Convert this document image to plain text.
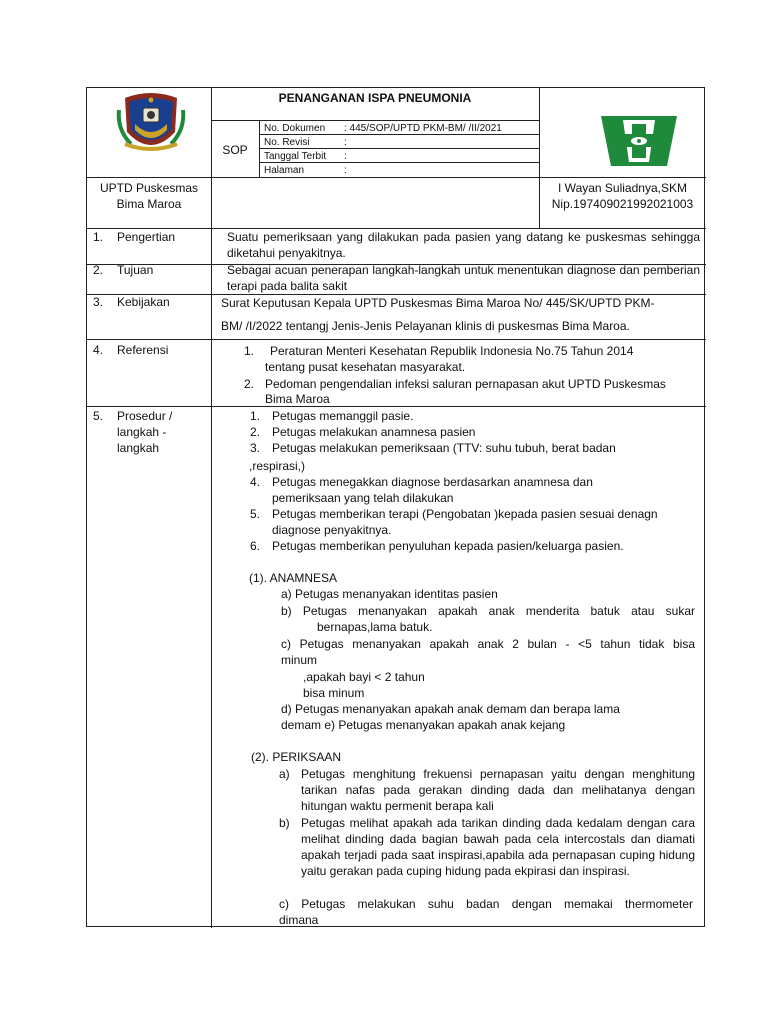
PENANGANAN ISPA PNEUMONIA
SOP
No. Dokumen : 445/SOP/UPTD PKM-BM/ /II/2021
No. Revisi	:
Tanggal Terbit :
Halaman	:
UPTD Puskesmas
Bima Maroa
I Wayan Suliadnya,SKM
Nip.197409021992021003
1. Pengertian	Suatu pemeriksaan yang dilakukan pada pasien yang datang ke puskesmas sehingga diketahui penyakitnya.
2. Tujuan	Sebagai acuan penerapan langkah-langkah untuk menentukan diagnose dan pemberian terapi pada balita sakit
3. Kebijakan	Surat Keputusan Kepala UPTD Puskesmas Bima Maroa No/ 445/SK/UPTD PKM-
BM/ /I/2022 tentangj Jenis-Jenis Pelayanan klinis di puskesmas Bima Maroa.
4. Referensi	1. Peraturan Menteri Kesehatan Republik Indonesia No.75 Tahun 2014
tentang pusat kesehatan masyarakat.
2. Pedoman pengendalian infeksi saluran pernapasan akut UPTD Puskesmas
Bima Maroa
5. Prosedur /
langkah -
langkah
1. Petugas memanggil pasie.
2. Petugas melakukan anamnesa pasien
3. Petugas melakukan pemeriksaan (TTV: suhu tubuh, berat badan
,respirasi,)
4. Petugas menegakkan diagnose berdasarkan anamnesa dan
pemeriksaan yang telah dilakukan
5. Petugas memberikan terapi (Pengobatan )kepada pasien sesuai denagn
diagnose penyakitnya.
6. Petugas memberikan penyuluhan kepada pasien/keluarga pasien.
(1). ANAMNESA
a) Petugas menanyakan identitas pasien
b) Petugas menanyakan apakah anak menderita batuk atau sukar
bernapas,lama batuk.
c) Petugas menanyakan apakah anak 2 bulan - <5 tahun tidak bisa
minum
,apakah bayi < 2 tahun
bisa minum
d) Petugas menanyakan apakah anak demam dan berapa lama
demam e) Petugas menanyakan apakah anak kejang
(2). PERIKSAAN
a) Petugas menghitung frekuensi pernapasan yaitu dengan menghitung tarikan nafas pada gerakan dinding dada dan melihatanya dengan hitungan waktu permenit berapa kali
b) Petugas melihat apakah ada tarikan dinding dada kedalam dengan cara melihat dinding dada bagian bawah pada cela intercostals dan diamati apakah terjadi pada saat inspirasi,apabila ada pernapasan cuping hidung yaitu gerakan pada cuping hidung pada ekpirasi dan inspirasi.
c) Petugas melakukan suhu badan dengan memakai thermometer
dimana
